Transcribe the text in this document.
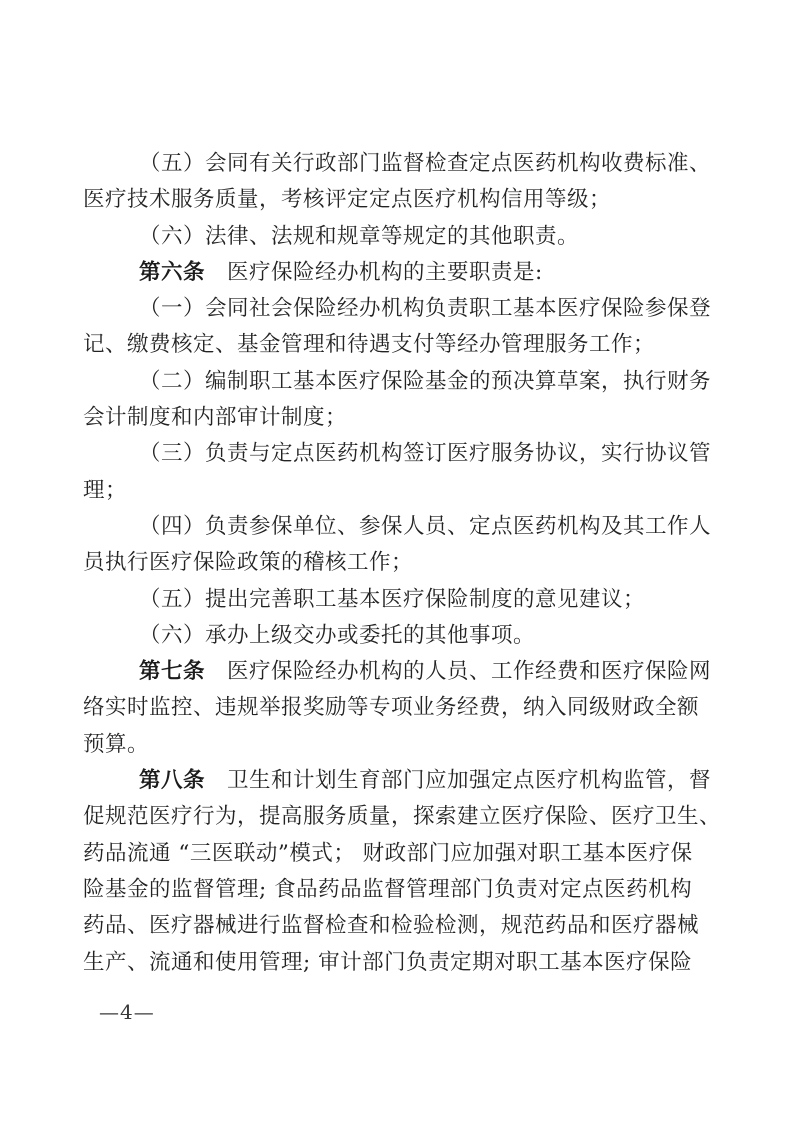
（五）会同有关行政部门监督检查定点医药机构收费标准、
医疗技术服务质量，考核评定定点医疗机构信用等级；
（六）法律、法规和规章等规定的其他职责。
第六条　医疗保险经办机构的主要职责是:
（一）会同社会保险经办机构负责职工基本医疗保险参保登
记、缴费核定、基金管理和待遇支付等经办管理服务工作；
（二）编制职工基本医疗保险基金的预决算草案，执行财务
会计制度和内部审计制度；
（三）负责与定点医药机构签订医疗服务协议，实行协议管
理；
（四）负责参保单位、参保人员、定点医药机构及其工作人
员执行医疗保险政策的稽核工作；
（五）提出完善职工基本医疗保险制度的意见建议；
（六）承办上级交办或委托的其他事项。
第七条　医疗保险经办机构的人员、工作经费和医疗保险网
络实时监控、违规举报奖励等专项业务经费，纳入同级财政全额
预算。
第八条　卫生和计划生育部门应加强定点医疗机构监管，督
促规范医疗行为，提高服务质量，探索建立医疗保险、医疗卫生、
药品流通 “三医联动”模式； 财政部门应加强对职工基本医疗保
险基金的监督管理; 食品药品监督管理部门负责对定点医药机构
药品、医疗器械进行监督检查和检验检测，规范药品和医疗器械
生产、流通和使用管理; 审计部门负责定期对职工基本医疗保险
—4—
